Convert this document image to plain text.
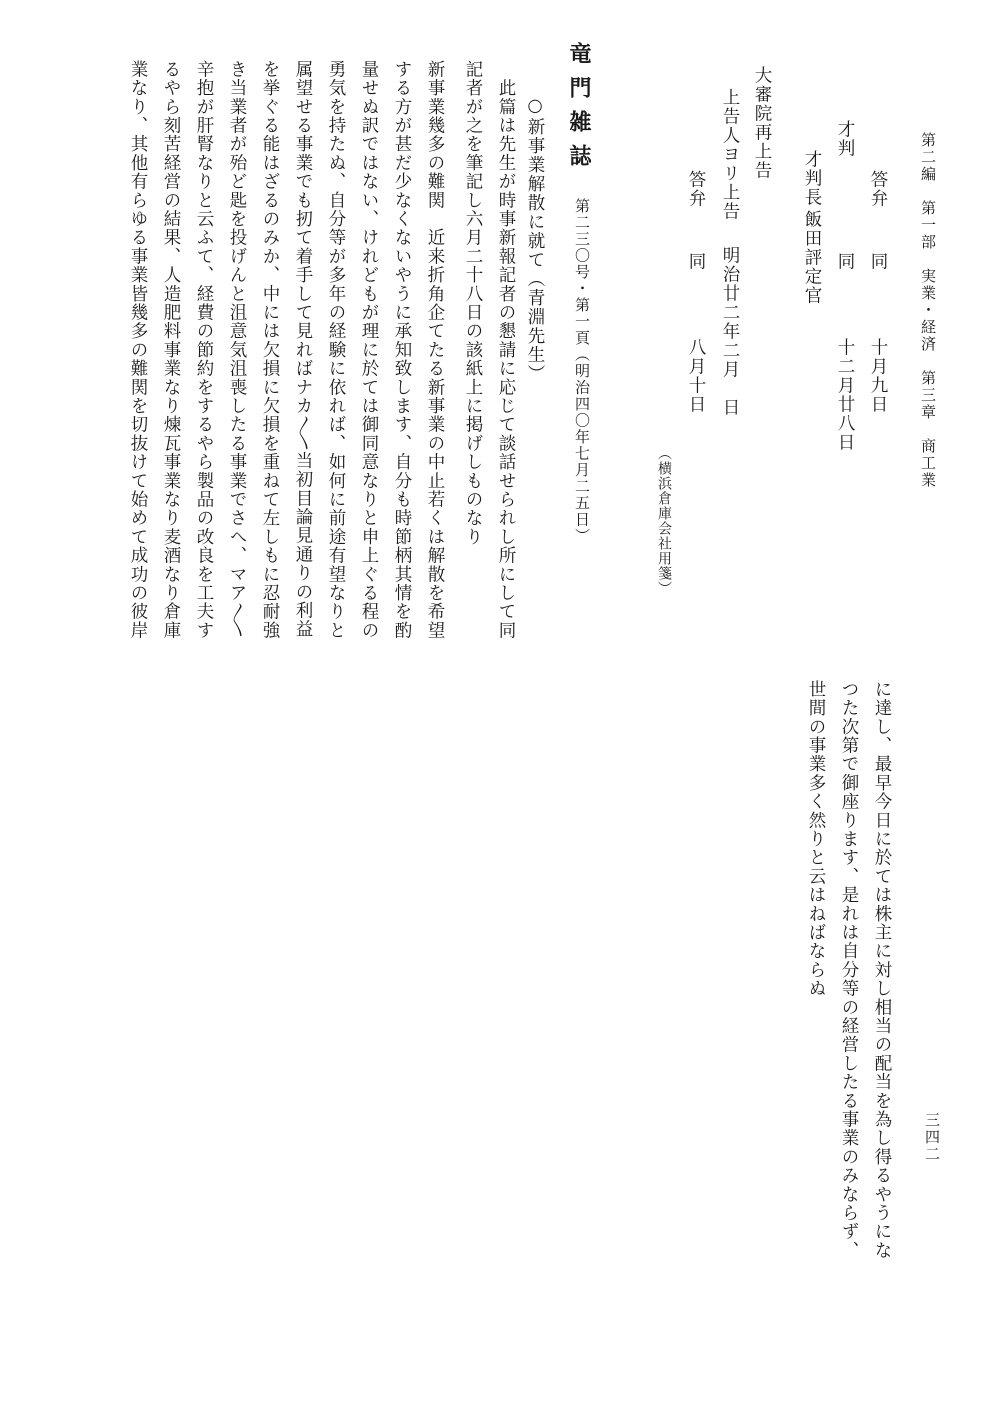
第二編　第一部　実業・経済　第三章　商工業

三四二

答弁

同

十月九日

才判

同

十二月廿八日

才判長

飯田評定官

大審院再上告

上告人ヨリ上告

明治廿二年二月　日

答弁

同

八月十日

（横浜倉庫会社用箋）

に達し、最早今日に於ては株主に対し相当の配当を為し得るやうにな

つた次第で御座ります、是れは自分等の経営したる事業のみならず、

世間の事業多く然りと云はねばならぬ

竜門雑誌

第二三〇号・第一頁（明治四〇年七月二五日）

○新事業解散に就て（青淵先生）

　此篇は先生が時事新報記者の懇請に応じて談話せられし所にして同

記者が之を筆記し六月二十八日の該紙上に掲げしものなり

新事業幾多の難関　近来折角企てたる新事業の中止若くは解散を希望

する方が甚だ少なくないやうに承知致します、自分も時節柄其情を酌

量せぬ訳ではない、けれどもが理に於ては御同意なりと申上ぐる程の

勇気を持たぬ、自分等が多年の経験に依れば、如何に前途有望なりと

属望せる事業でも扨て着手して見ればナカ〳〵当初目論見通りの利益

を挙ぐる能はざるのみか、中には欠損に欠損を重ねて左しもに忍耐強

き当業者が殆ど匙を投げんと沮意気沮喪したる事業でさへ、マア〳〵

辛抱が肝腎なりと云ふて、経費の節約をするやら製品の改良を工夫す

るやら刻苦経営の結果、人造肥料事業なり煉瓦事業なり麦酒なり倉庫

業なり、其他有らゆる事業皆幾多の難関を切抜けて始めて成功の彼岸
